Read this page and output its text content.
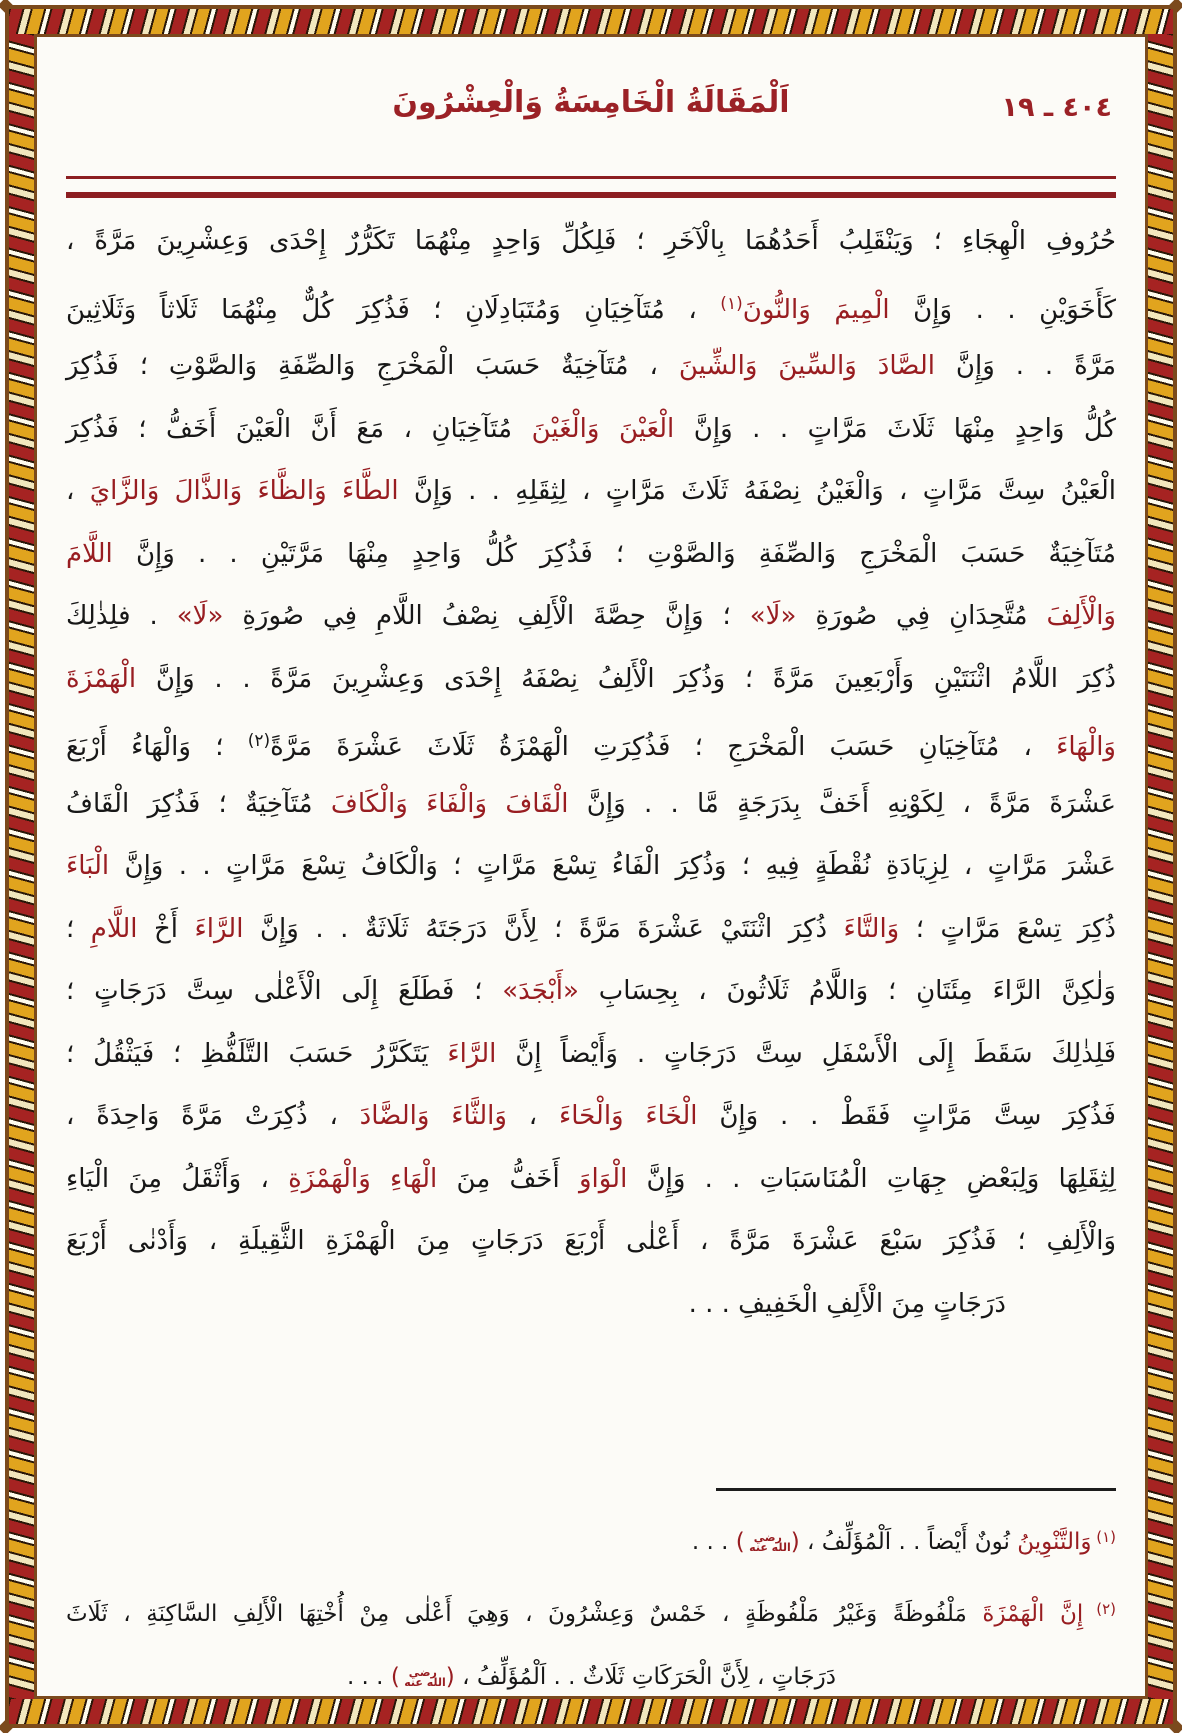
اَلْمَقَالَةُ الْخَامِسَةُ وَالْعِشْرُونَ	٤٠٤ ـ ١٩
حُرُوفِ الْهِجَاءِ ؛ وَيَنْقَلِبُ أَحَدُهُمَا بِالْآخَرِ ؛ فَلِكُلِّ وَاحِدٍ مِنْهُمَا تَكَرُّرٌ إِحْدَى وَعِشْرِينَ مَرَّةً ،
كَأَخَوَيْنِ . . وَإِنَّ الْمِيمَ وَالنُّونَ$^{(١)}$ ، مُتَآخِيَانِ وَمُتَبَادِلَانِ ؛ فَذُكِرَ كُلٌّ مِنْهُمَا ثَلَاثاً وَثَلَاثِينَ
مَرَّةً . . وَإِنَّ الصَّادَ وَالسِّينَ وَالشِّينَ ، مُتَآخِيَةٌ حَسَبَ الْمَخْرَجِ وَالصِّفَةِ وَالصَّوْتِ ؛ فَذُكِرَ
كُلُّ وَاحِدٍ مِنْهَا ثَلَاثَ مَرَّاتٍ . . وَإِنَّ الْعَيْنَ وَالْغَيْنَ مُتَآخِيَانِ ، مَعَ أَنَّ الْعَيْنَ أَخَفُّ ؛ فَذُكِرَ
الْعَيْنُ سِتَّ مَرَّاتٍ ، وَالْغَيْنُ نِصْفَهُ ثَلَاثَ مَرَّاتٍ ، لِثِقَلِهِ . . وَإِنَّ الطَّاءَ وَالظَّاءَ وَالذَّالَ وَالزَّايَ ،
مُتَآخِيَةٌ حَسَبَ الْمَخْرَجِ وَالصِّفَةِ وَالصَّوْتِ ؛ فَذُكِرَ كُلُّ وَاحِدٍ مِنْهَا مَرَّتَيْنِ . . وَإِنَّ اللَّامَ
وَالْأَلِفَ مُتَّحِدَانِ فِي صُورَةِ «لَا» ؛ وَإِنَّ حِصَّةَ الْأَلِفِ نِصْفُ اللَّامِ فِي صُورَةِ «لَا» . فلِذٰلِكَ
ذُكِرَ اللَّامُ اثْنَتَيْنِ وَأَرْبَعِينَ مَرَّةً ؛ وَذُكِرَ الْأَلِفُ نِصْفَهُ إِحْدَى وَعِشْرِينَ مَرَّةً . . وَإِنَّ الْهَمْزَةَ
وَالْهَاءَ ، مُتَآخِيَانِ حَسَبَ الْمَخْرَجِ ؛ فَذُكِرَتِ الْهَمْزَةُ ثَلَاثَ عَشْرَةَ مَرَّةً$^{(٢)}$ ؛ وَالْهَاءُ أَرْبَعَ
عَشْرَةَ مَرَّةً ، لِكَوْنِهِ أَخَفَّ بِدَرَجَةٍ مَّا . . وَإِنَّ الْقَافَ وَالْفَاءَ وَالْكَافَ مُتَآخِيَةٌ ؛ فَذُكِرَ الْقَافُ
عَشْرَ مَرَّاتٍ ، لِزِيَادَةِ نُقْطَةٍ فِيهِ ؛ وَذُكِرَ الْفَاءُ تِسْعَ مَرَّاتٍ ؛ وَالْكَافُ تِسْعَ مَرَّاتٍ . . وَإِنَّ الْبَاءَ
ذُكِرَ تِسْعَ مَرَّاتٍ ؛ وَالتَّاءَ ذُكِرَ اثْنَتَيْ عَشْرَةَ مَرَّةً ؛ لِأَنَّ دَرَجَتَهُ ثَلَاثَةٌ . . وَإِنَّ الرَّاءَ أَخْ اللَّامِ ؛
وَلٰكِنَّ الرَّاءَ مِئَتَانِ ؛ وَاللَّامُ ثَلَاثُونَ ، بِحِسَابِ «أَبْجَدَ» ؛ فَطَلَعَ إِلَى الْأَعْلٰى سِتَّ دَرَجَاتٍ ؛
فَلِذٰلِكَ سَقَطَ إِلَى الْأَسْفَلِ سِتَّ دَرَجَاتٍ . وَأَيْضاً إِنَّ الرَّاءَ يَتَكَرَّرُ حَسَبَ التَّلَفُّظِ ؛ فَيَثْقُلُ ؛
فَذُكِرَ سِتَّ مَرَّاتٍ فَقَطْ . . وَإِنَّ الْخَاءَ وَالْحَاءَ ، وَالثَّاءَ وَالضَّادَ ، ذُكِرَتْ مَرَّةً وَاحِدَةً ،
لِثِقَلِهَا وَلِبَعْضِ جِهَاتِ الْمُنَاسَبَاتِ . . وَإِنَّ الْوَاوَ أَخَفُّ مِنَ الْهَاءِ وَالْهَمْزَةِ ، وَأَثْقَلُ مِنَ الْيَاءِ
وَالْأَلِفِ ؛ فَذُكِرَ سَبْعَ عَشْرَةَ مَرَّةً ، أَعْلٰى أَرْبَعَ دَرَجَاتٍ مِنَ الْهَمْزَةِ الثَّقِيلَةِ ، وَأَدْنٰى أَرْبَعَ
دَرَجَاتٍ مِنَ الْأَلِفِ الْخَفِيفِ . . .
$^{(١)}$ وَالتَّنْوِينُ نُونٌ أَيْضاً . . اَلْمُؤَلِّفُ ، (رضي الله عنه) . . .
$^{(٢)}$ إِنَّ الْهَمْزَةَ مَلْفُوظَةً وَغَيْرُ مَلْفُوظَةٍ ، خَمْسٌ وَعِشْرُونَ ، وَهِيَ أَعْلٰى مِنْ أُخْتِهَا الْأَلِفِ السَّاكِنَةِ ، ثَلَاثَ
دَرَجَاتٍ ، لِأَنَّ الْحَرَكَاتِ ثَلَاثٌ . . اَلْمُؤَلِّفُ ، (رضي الله عنه) . . .
